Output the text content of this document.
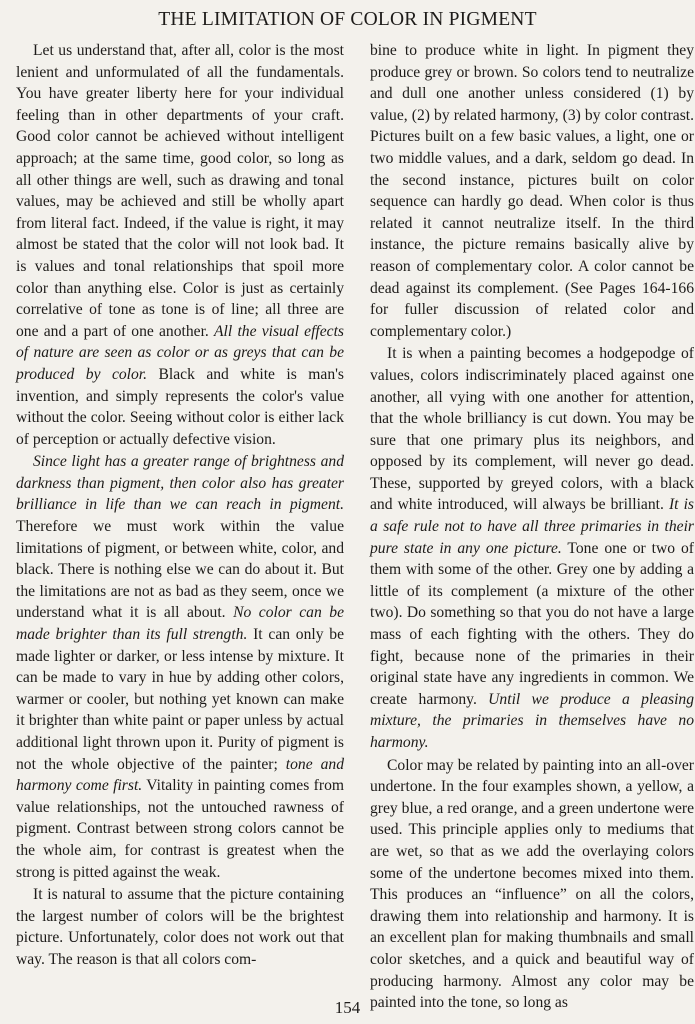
THE LIMITATION OF COLOR IN PIGMENT

Let us understand that, after all, color is the most lenient and unformulated of all the fundamentals. You have greater liberty here for your individual feeling than in other departments of your craft. Good color cannot be achieved without intelligent approach; at the same time, good color, so long as all other things are well, such as drawing and tonal values, may be achieved and still be wholly apart from literal fact. Indeed, if the value is right, it may almost be stated that the color will not look bad. It is values and tonal relationships that spoil more color than anything else. Color is just as certainly correlative of tone as tone is of line; all three are one and a part of one another. All the visual effects of nature are seen as color or as greys that can be produced by color. Black and white is man's invention, and simply represents the color's value without the color. Seeing without color is either lack of perception or actually defective vision.

Since light has a greater range of brightness and darkness than pigment, then color also has greater brilliance in life than we can reach in pigment. Therefore we must work within the value limitations of pigment, or between white, color, and black. There is nothing else we can do about it. But the limitations are not as bad as they seem, once we understand what it is all about. No color can be made brighter than its full strength. It can only be made lighter or darker, or less intense by mixture. It can be made to vary in hue by adding other colors, warmer or cooler, but nothing yet known can make it brighter than white paint or paper unless by actual additional light thrown upon it. Purity of pigment is not the whole objective of the painter; tone and harmony come first. Vitality in painting comes from value relationships, not the untouched rawness of pigment. Contrast between strong colors cannot be the whole aim, for contrast is greatest when the strong is pitted against the weak.

It is natural to assume that the picture containing the largest number of colors will be the brightest picture. Unfortunately, color does not work out that way. The reason is that all colors com-

bine to produce white in light. In pigment they produce grey or brown. So colors tend to neutralize and dull one another unless considered (1) by value, (2) by related harmony, (3) by color contrast. Pictures built on a few basic values, a light, one or two middle values, and a dark, seldom go dead. In the second instance, pictures built on color sequence can hardly go dead. When color is thus related it cannot neutralize itself. In the third instance, the picture remains basically alive by reason of complementary color. A color cannot be dead against its complement. (See Pages 164-166 for fuller discussion of related color and complementary color.)

It is when a painting becomes a hodgepodge of values, colors indiscriminately placed against one another, all vying with one another for attention, that the whole brilliancy is cut down. You may be sure that one primary plus its neighbors, and opposed by its complement, will never go dead. These, supported by greyed colors, with a black and white introduced, will always be brilliant. It is a safe rule not to have all three primaries in their pure state in any one picture. Tone one or two of them with some of the other. Grey one by adding a little of its complement (a mixture of the other two). Do something so that you do not have a large mass of each fighting with the others. They do fight, because none of the primaries in their original state have any ingredients in common. We create harmony. Until we produce a pleasing mixture, the primaries in themselves have no harmony.

Color may be related by painting into an all-over undertone. In the four examples shown, a yellow, a grey blue, a red orange, and a green undertone were used. This principle applies only to mediums that are wet, so that as we add the overlaying colors some of the undertone becomes mixed into them. This produces an “influence” on all the colors, drawing them into relationship and harmony. It is an excellent plan for making thumbnails and small color sketches, and a quick and beautiful way of producing harmony. Almost any color may be painted into the tone, so long as

154
